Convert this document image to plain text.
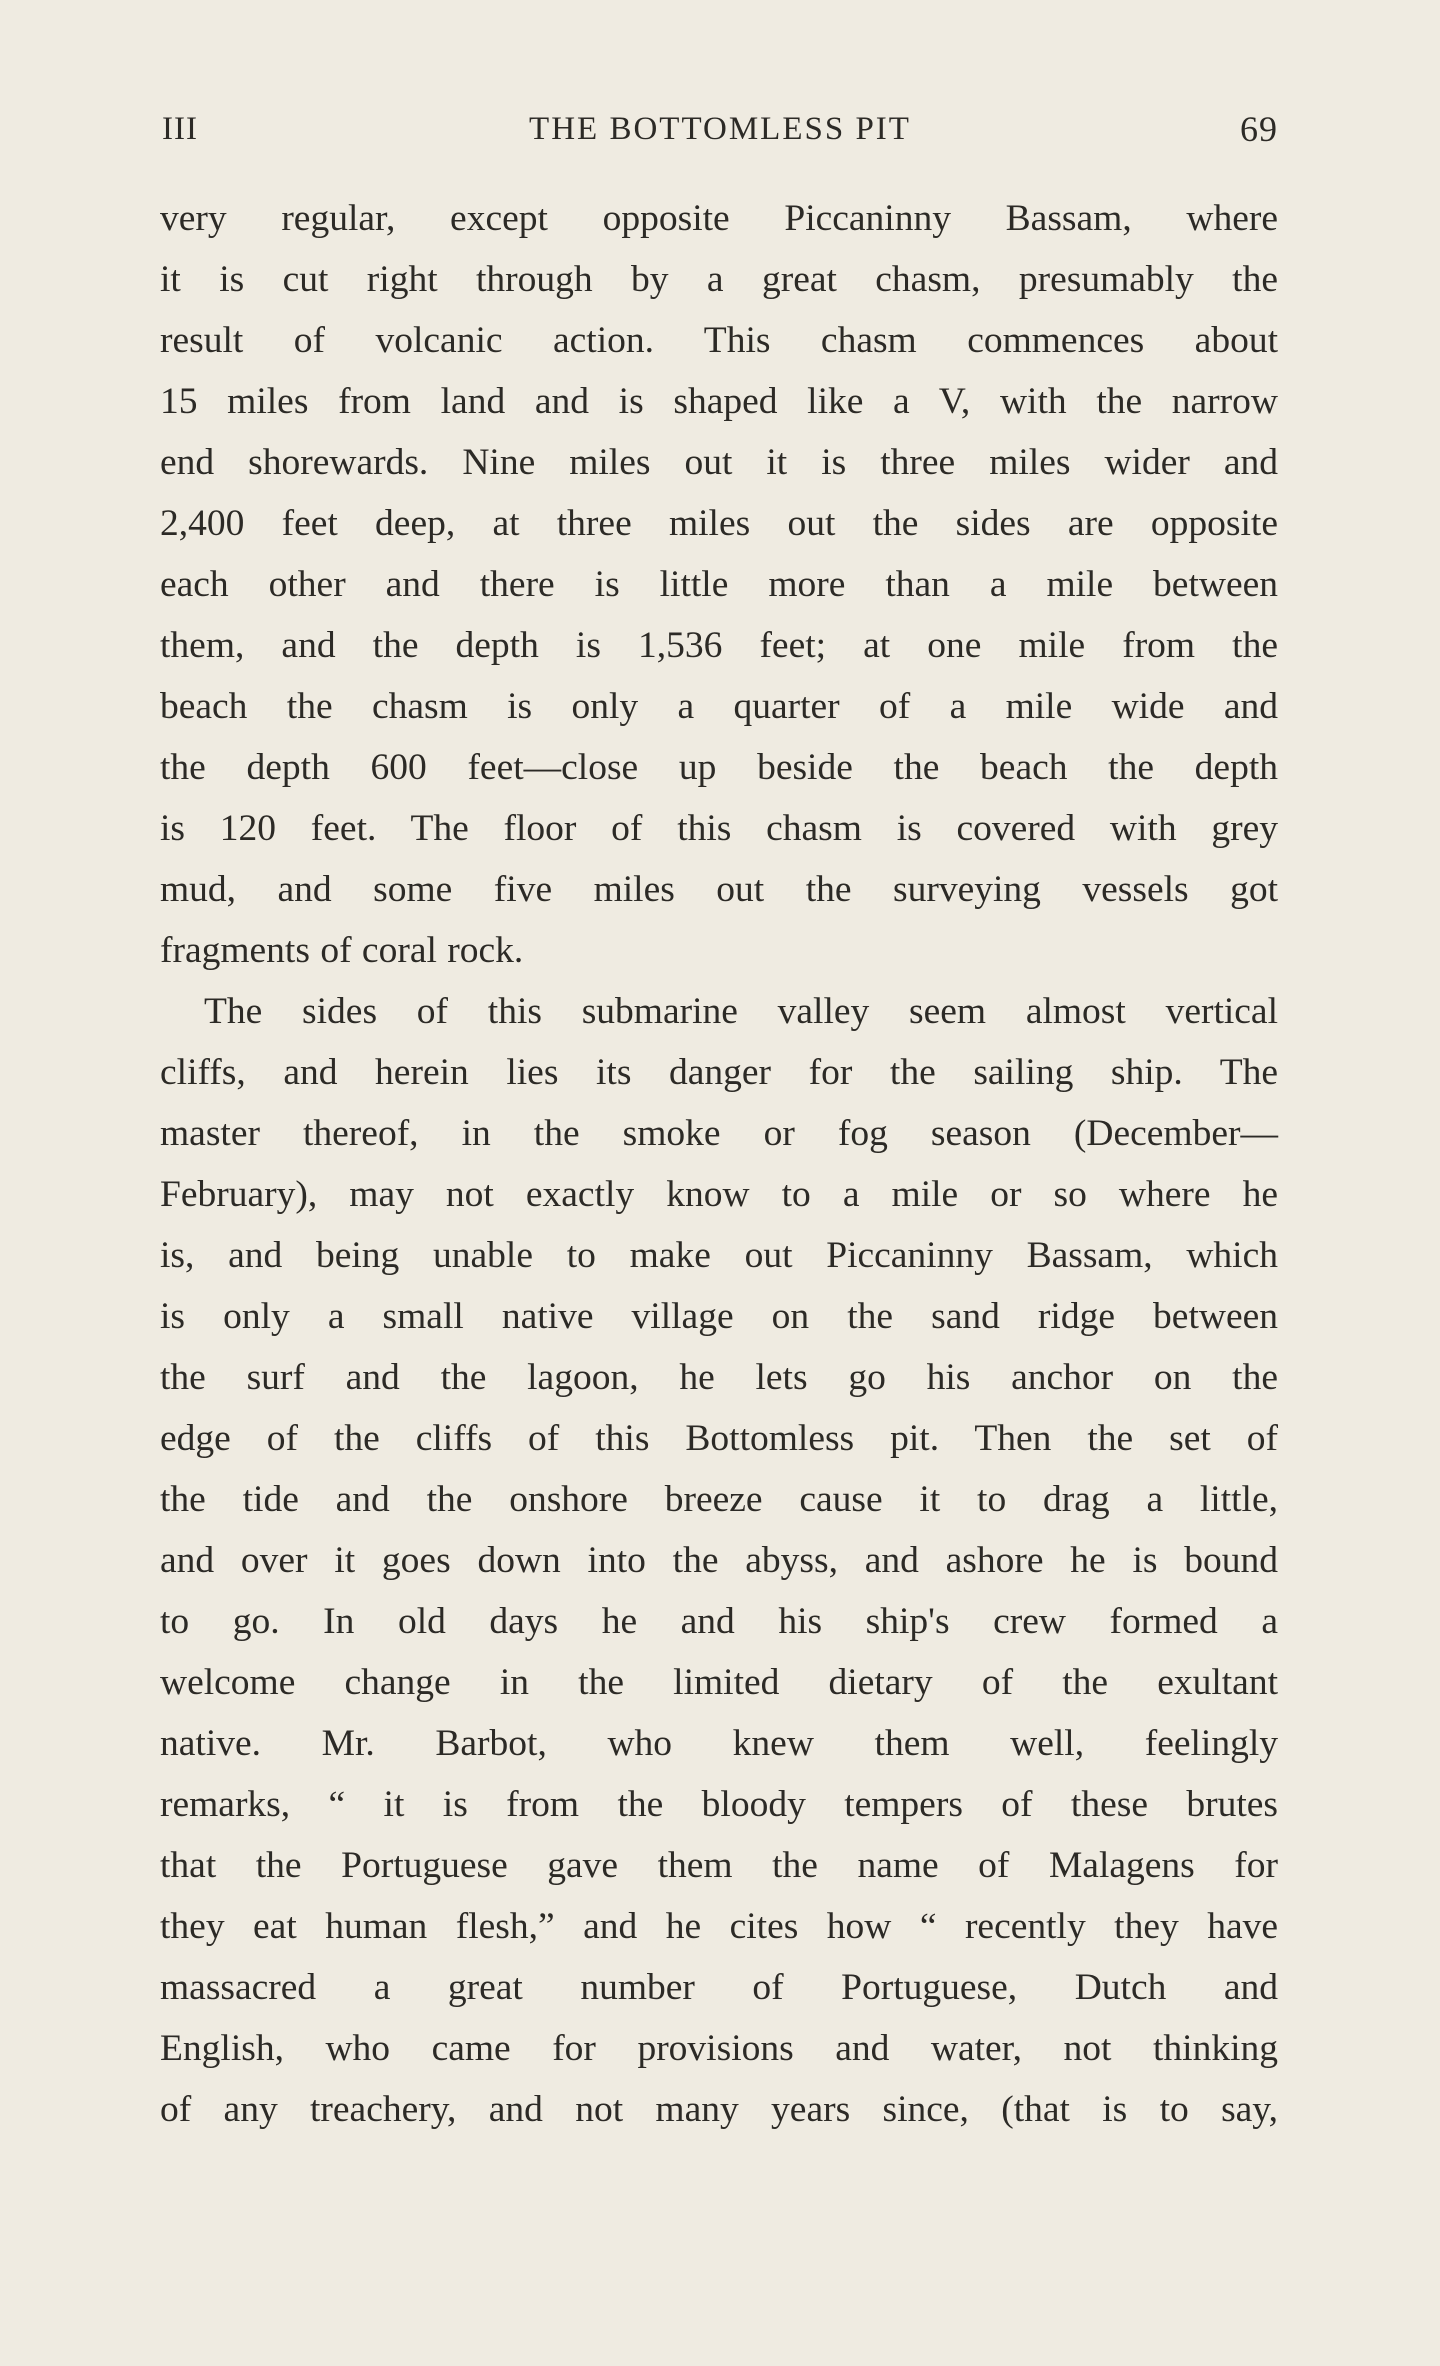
III	THE BOTTOMLESS PIT	69
very regular, except opposite Piccaninny Bassam, where
it is cut right through by a great chasm, presumably the
result of volcanic action. This chasm commences about
15 miles from land and is shaped like a V, with the narrow
end shorewards. Nine miles out it is three miles wider and
2,400 feet deep, at three miles out the sides are opposite
each other and there is little more than a mile between
them, and the depth is 1,536 feet; at one mile from the
beach the chasm is only a quarter of a mile wide and
the depth 600 feet—close up beside the beach the depth
is 120 feet. The floor of this chasm is covered with grey
mud, and some five miles out the surveying vessels got
fragments of coral rock.
The sides of this submarine valley seem almost vertical
cliffs, and herein lies its danger for the sailing ship. The
master thereof, in the smoke or fog season (December—
February), may not exactly know to a mile or so where he
is, and being unable to make out Piccaninny Bassam, which
is only a small native village on the sand ridge between
the surf and the lagoon, he lets go his anchor on the
edge of the cliffs of this Bottomless pit. Then the set of
the tide and the onshore breeze cause it to drag a little,
and over it goes down into the abyss, and ashore he is bound
to go. In old days he and his ship's crew formed a
welcome change in the limited dietary of the exultant
native. Mr. Barbot, who knew them well, feelingly
remarks, “ it is from the bloody tempers of these brutes
that the Portuguese gave them the name of Malagens for
they eat human flesh,” and he cites how “ recently they have
massacred a great number of Portuguese, Dutch and
English, who came for provisions and water, not thinking
of any treachery, and not many years since, (that is to say,
